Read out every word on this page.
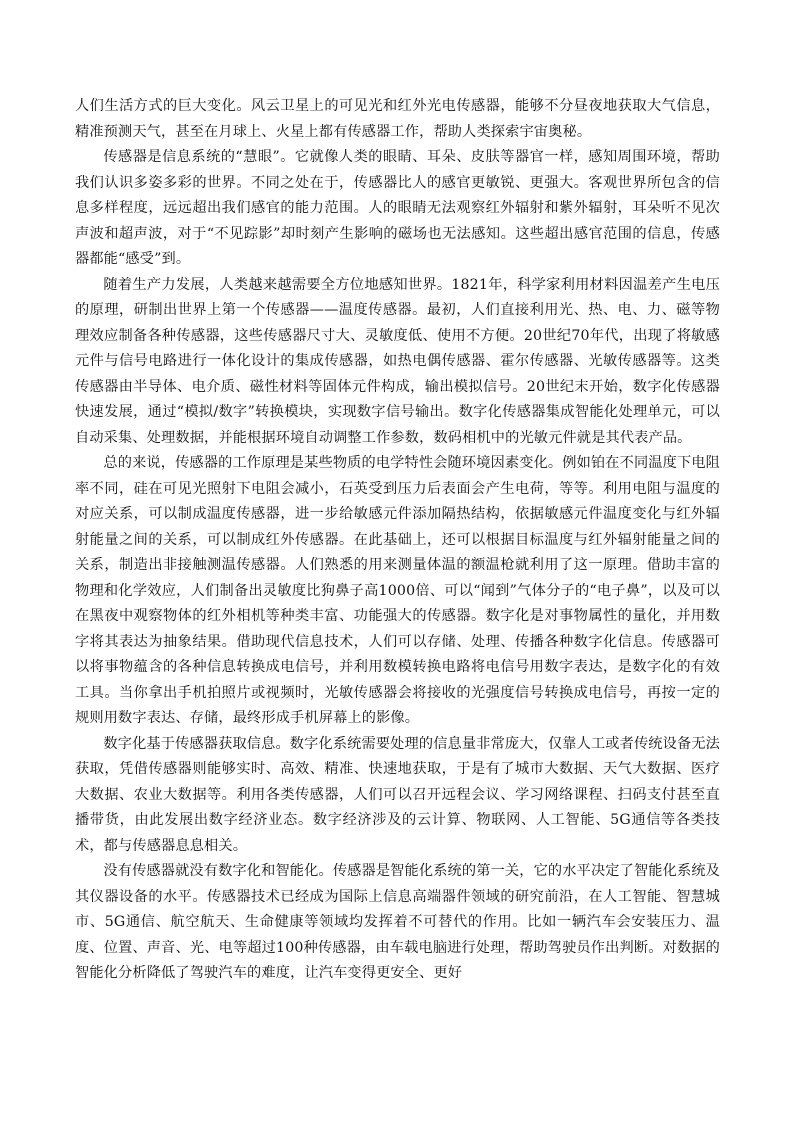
人们生活方式的巨大变化。风云卫星上的可见光和红外光电传感器，能够不分昼夜地获取大气信息，精准预测天气，甚至在月球上、火星上都有传感器工作，帮助人类探索宇宙奥秘。

传感器是信息系统的“慧眼”。它就像人类的眼睛、耳朵、皮肤等器官一样，感知周围环境，帮助我们认识多姿多彩的世界。不同之处在于，传感器比人的感官更敏锐、更强大。客观世界所包含的信息多样程度，远远超出我们感官的能力范围。人的眼睛无法观察红外辐射和紫外辐射，耳朵听不见次声波和超声波，对于“不见踪影”却时刻产生影响的磁场也无法感知。这些超出感官范围的信息，传感器都能“感受”到。

随着生产力发展，人类越来越需要全方位地感知世界。1821年，科学家利用材料因温差产生电压的原理，研制出世界上第一个传感器——温度传感器。最初，人们直接利用光、热、电、力、磁等物理效应制备各种传感器，这些传感器尺寸大、灵敏度低、使用不方便。20世纪70年代，出现了将敏感元件与信号电路进行一体化设计的集成传感器，如热电偶传感器、霍尔传感器、光敏传感器等。这类传感器由半导体、电介质、磁性材料等固体元件构成，输出模拟信号。20世纪末开始，数字化传感器快速发展，通过“模拟/数字”转换模块，实现数字信号输出。数字化传感器集成智能化处理单元，可以自动采集、处理数据，并能根据环境自动调整工作参数，数码相机中的光敏元件就是其代表产品。

总的来说，传感器的工作原理是某些物质的电学特性会随环境因素变化。例如铂在不同温度下电阻率不同，硅在可见光照射下电阻会减小，石英受到压力后表面会产生电荷，等等。利用电阻与温度的对应关系，可以制成温度传感器，进一步给敏感元件添加隔热结构，依据敏感元件温度变化与红外辐射能量之间的关系，可以制成红外传感器。在此基础上，还可以根据目标温度与红外辐射能量之间的关系，制造出非接触测温传感器。人们熟悉的用来测量体温的额温枪就利用了这一原理。借助丰富的物理和化学效应，人们制备出灵敏度比狗鼻子高1000倍、可以“闻到”气体分子的“电子鼻”，以及可以在黑夜中观察物体的红外相机等种类丰富、功能强大的传感器。数字化是对事物属性的量化，并用数字将其表达为抽象结果。借助现代信息技术，人们可以存储、处理、传播各种数字化信息。传感器可以将事物蕴含的各种信息转换成电信号，并利用数模转换电路将电信号用数字表达，是数字化的有效工具。当你拿出手机拍照片或视频时，光敏传感器会将接收的光强度信号转换成电信号，再按一定的规则用数字表达、存储，最终形成手机屏幕上的影像。

数字化基于传感器获取信息。数字化系统需要处理的信息量非常庞大，仅靠人工或者传统设备无法获取，凭借传感器则能够实时、高效、精准、快速地获取，于是有了城市大数据、天气大数据、医疗大数据、农业大数据等。利用各类传感器，人们可以召开远程会议、学习网络课程、扫码支付甚至直播带货，由此发展出数字经济业态。数字经济涉及的云计算、物联网、人工智能、5G通信等各类技术，都与传感器息息相关。

没有传感器就没有数字化和智能化。传感器是智能化系统的第一关，它的水平决定了智能化系统及其仪器设备的水平。传感器技术已经成为国际上信息高端器件领域的研究前沿，在人工智能、智慧城市、5G通信、航空航天、生命健康等领域均发挥着不可替代的作用。比如一辆汽车会安装压力、温度、位置、声音、光、电等超过100种传感器，由车载电脑进行处理，帮助驾驶员作出判断。对数据的智能化分析降低了驾驶汽车的难度，让汽车变得更安全、更好
